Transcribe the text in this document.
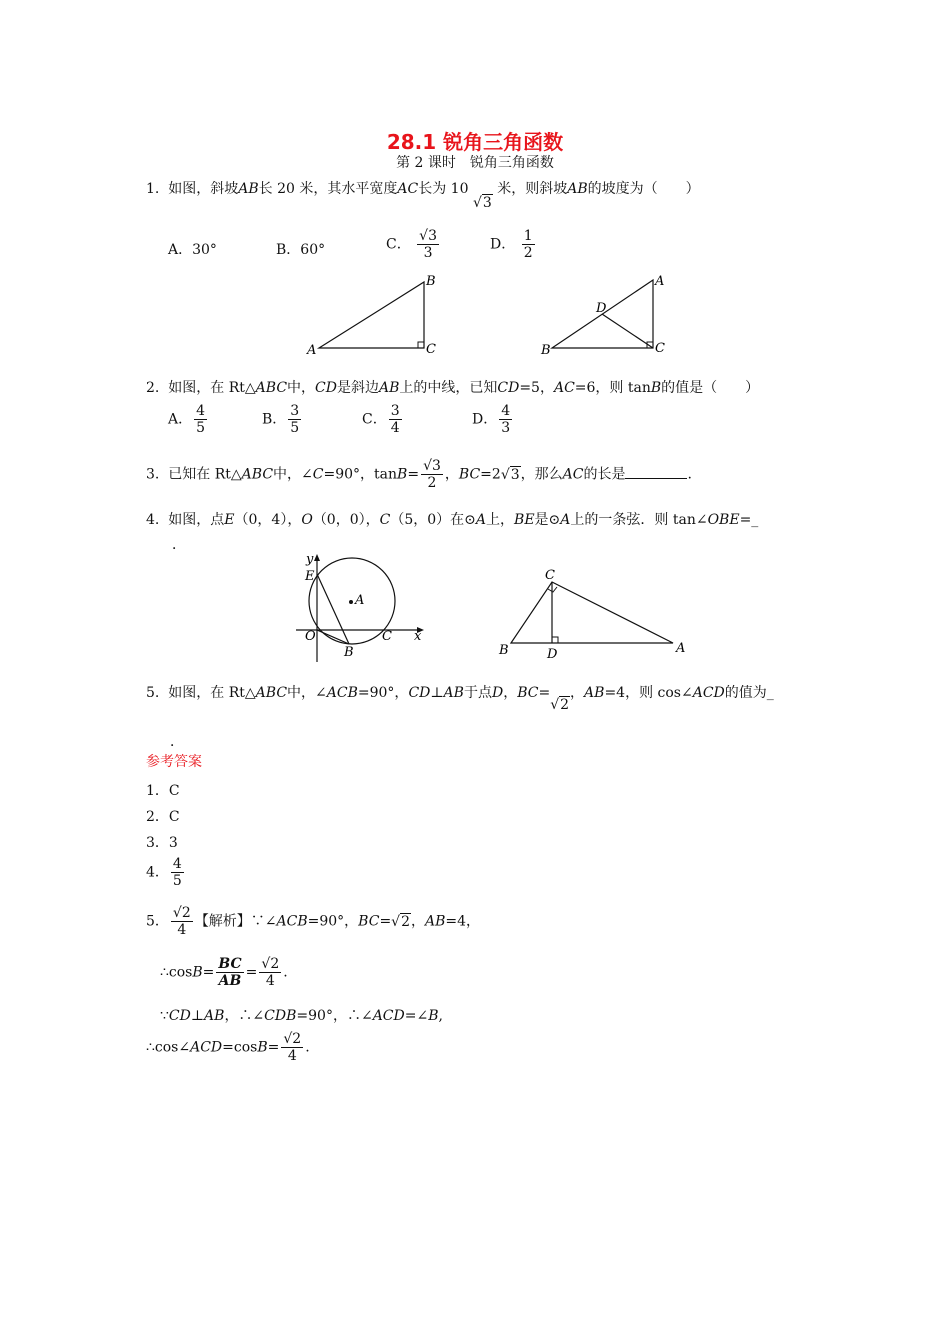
28.1 锐角三角函数
第 2 课时　锐角三角函数
1. 如图，斜坡AB长 20 米，其水平宽度AC长为 10 √3 米，则斜坡AB的坡度为（　　）
A．30°	B．60°	C． $\frac{√3}{3}$	D． $\frac{1}{2}$
B
A	C
A
D
B	C
2. 如图，在 Rt△ABC中，CD是斜边AB上的中线，已知CD=5，AC=6，则 tanB的值是（　　）
A． $\frac{4}{5}$	B． $\frac{3}{5}$	C． $\frac{3}{4}$	D． $\frac{4}{3}$
3. 已知在 Rt△ABC中，∠C=90°，$\tan B= \frac{√3}{2}$ ，BC=2√3，那么AC的长是	.
4. 如图，点E（0，4），O（0，0），C（5，0）在⊙A上，BE是⊙A上的一条弦．则 tan∠OBE=_
．
y
E
A
O	C x
B
C
B	D	A
5. 如图，在 Rt△ABC中，∠ACB=90°，CD⊥AB于点D，BC=√2，AB=4，则 cos∠ACD的值为_
．
参考答案
1．C
2．C
3．3
4． $\frac{4}{5}$
5． $\frac{√2}{4}$ 【解析】∵∠ACB=90°，BC=√2，AB=4，
∴cosB= $\frac{BC}{AB} = \frac{√2}{4}$ .
∵CD⊥AB，∴∠CDB=90°，∴∠ACD=∠B,
∴cos∠ACD=cosB= $\frac{√2}{4}$ .
